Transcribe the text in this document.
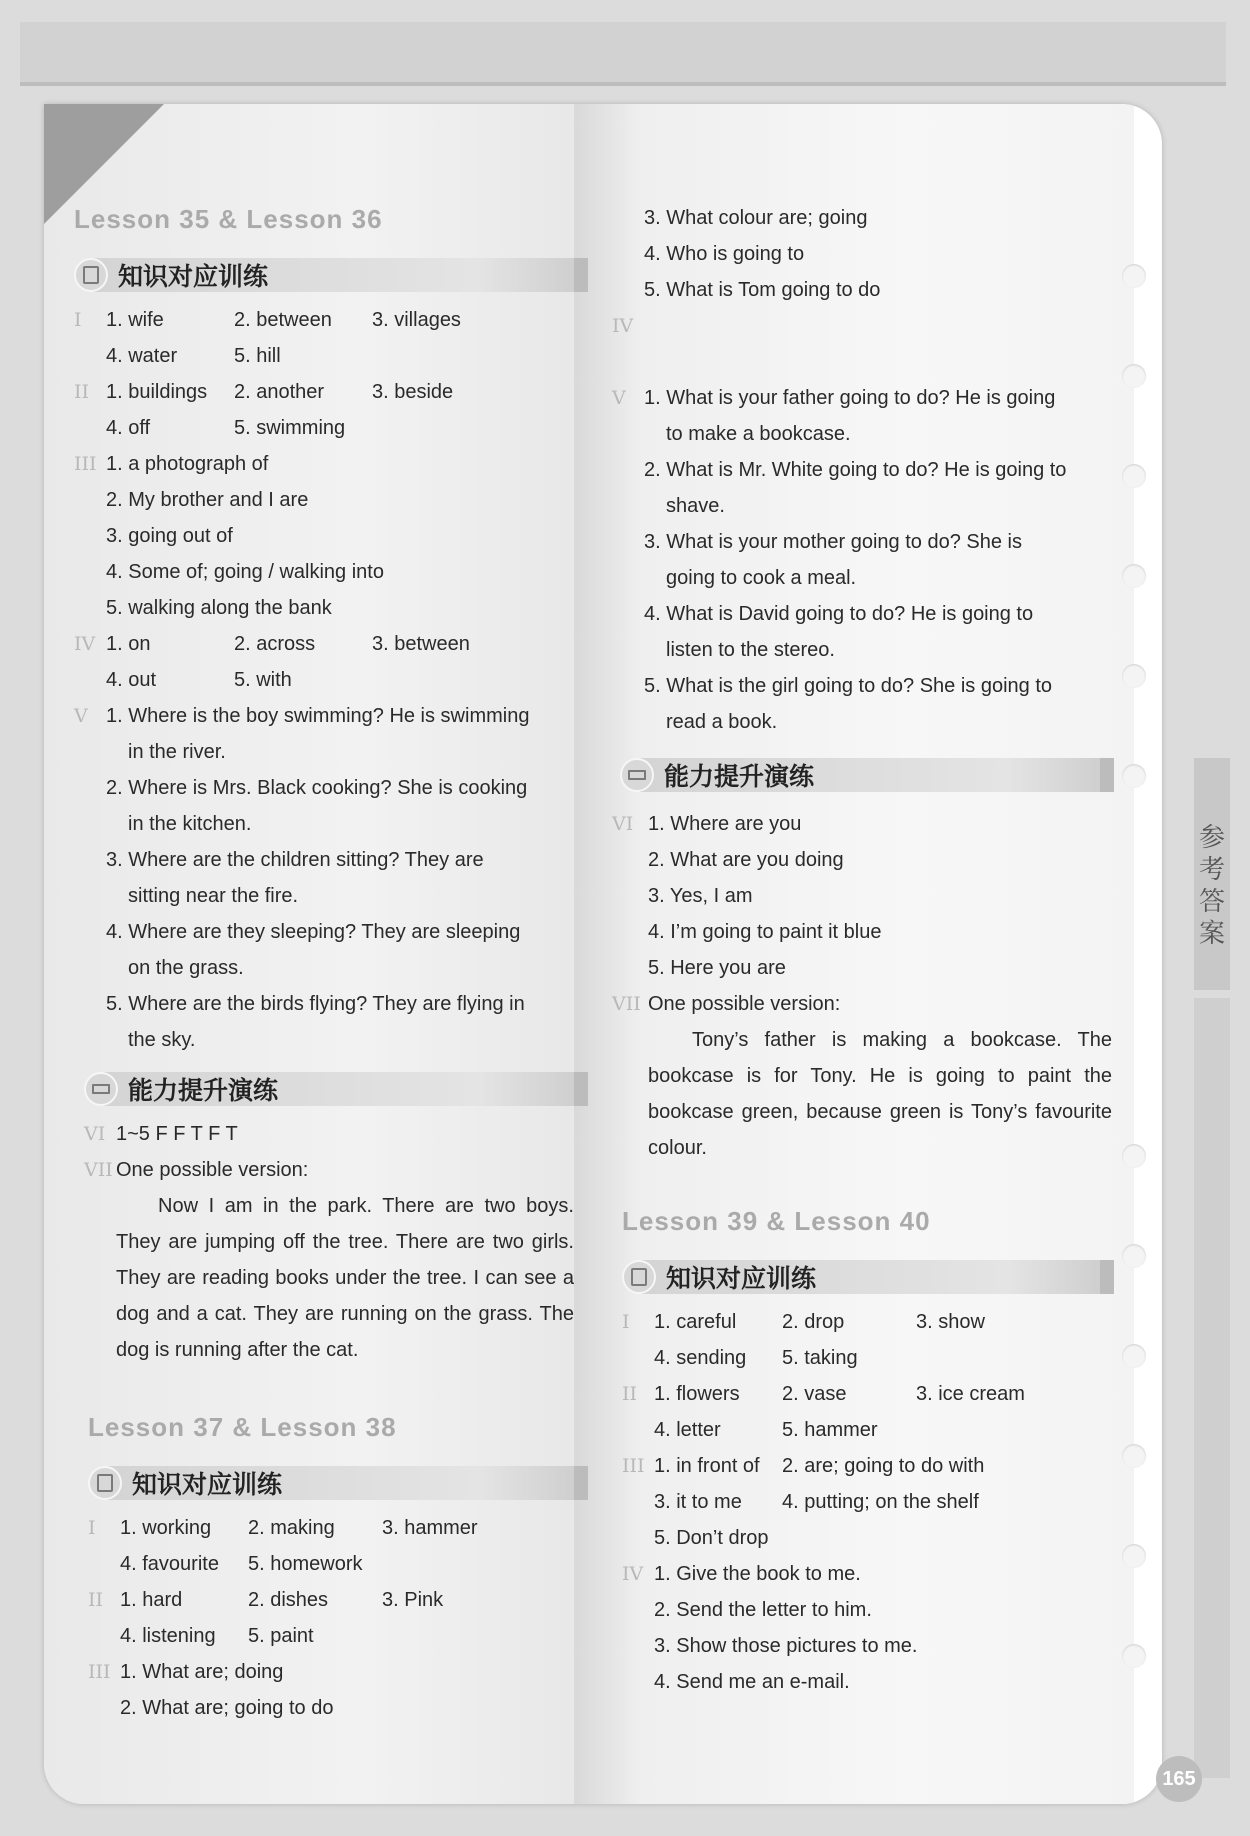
参考答案
Lesson 35 & Lesson 36
知识对应训练
I 1. wife	2. between 3. villages
4. water	5. hill
II 1. buildings 2. another 3. beside
4. off	5. swimming
III 1. a photograph of
2. My brother and I are
3. going out of
4. Some of; going / walking into
5. walking along the bank
IV 1. on	2. across	3. between
4. out	5. with
V 1. Where is the boy swimming? He is swimming
in the river.
2. Where is Mrs. Black cooking? She is cooking
in the kitchen.
3. Where are the children sitting? They are
sitting near the fire.
4. Where are they sleeping? They are sleeping
on the grass.
5. Where are the birds flying? They are flying in
the sky.
能力提升演练
VI 1~5 F F T F T
VII One possible version:
Now I am in the park. There are two boys. They are jumping off the tree. There are two girls. They are reading books under the tree. I can see a dog and a cat. They are running on the grass. The dog is running after the cat.
Lesson 37 & Lesson 38
知识对应训练
I 1. working 2. making 3. hammer
4. favourite 5. homework
II 1. hard	2. dishes	3. Pink
4. listening 5. paint
III 1. What are; doing
2. What are; going to do
3. What colour are; going
4. Who is going to
5. What is Tom going to do
IV
V 1. What is your father going to do? He is going
to make a bookcase.
2. What is Mr. White going to do? He is going to
shave.
3. What is your mother going to do? She is
going to cook a meal.
4. What is David going to do? He is going to
listen to the stereo.
5. What is the girl going to do? She is going to
read a book.
能力提升演练
VI 1. Where are you
2. What are you doing
3. Yes, I am
4. I’m going to paint it blue
5. Here you are
VII One possible version:
Tony’s father is making a bookcase. The bookcase is for Tony. He is going to paint the bookcase green, because green is Tony’s favourite colour.
Lesson 39 & Lesson 40
知识对应训练
I 1. careful 2. drop	3. show
4. sending 5. taking
II 1. flowers 2. vase	3. ice cream
4. letter	5. hammer
III 1. in front of 2. are; going to do with
3. it to me 4. putting; on the shelf
5. Don’t drop
IV 1. Give the book to me.
2. Send the letter to him.
3. Show those pictures to me.
4. Send me an e-mail.
165
